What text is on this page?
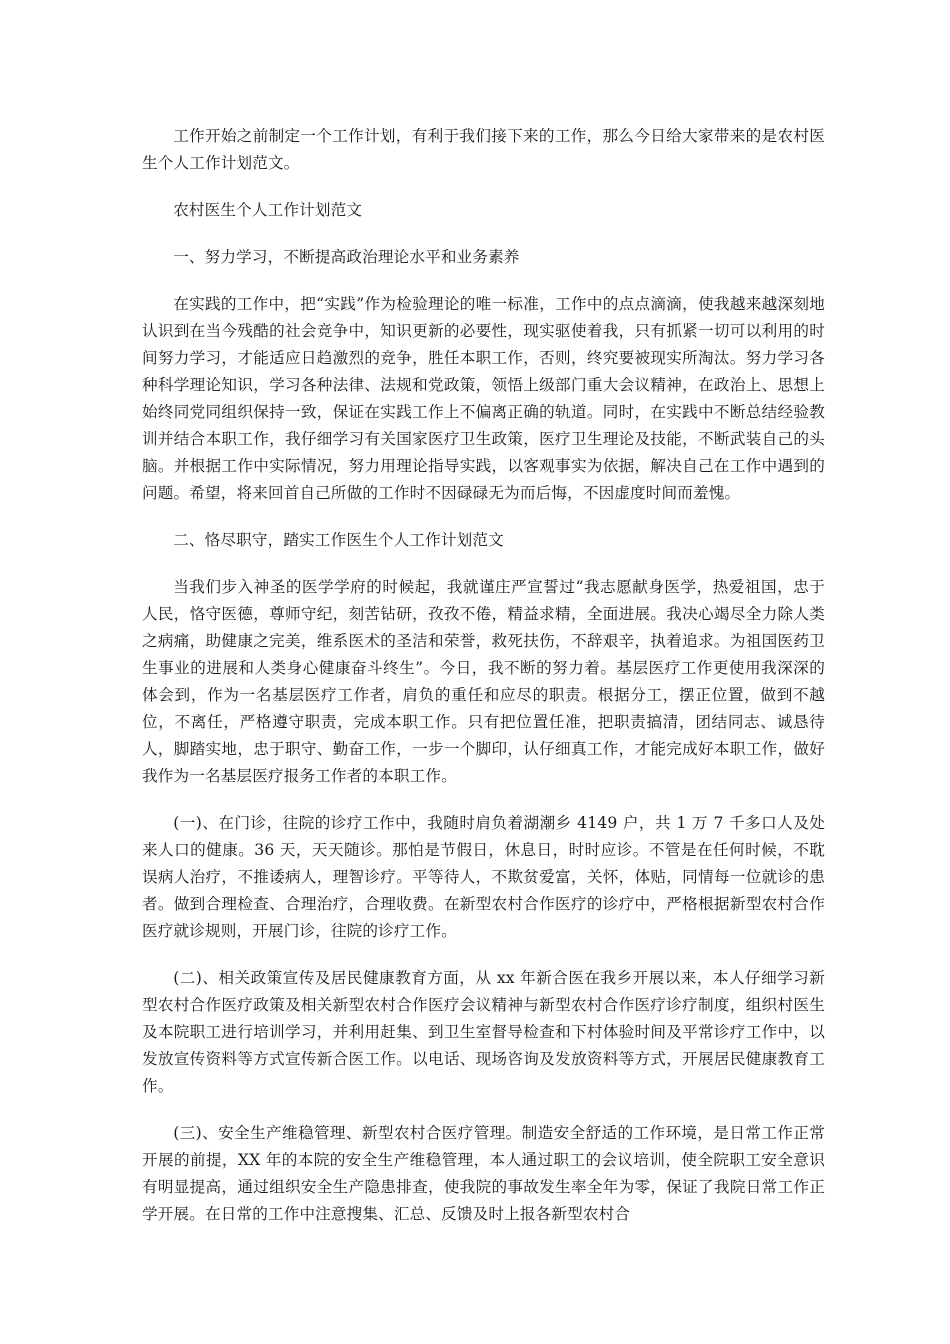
工作开始之前制定一个工作计划，有利于我们接下来的工作，那么今日给大家带来的是农村医生个人工作计划范文。

农村医生个人工作计划范文

一、努力学习，不断提高政治理论水平和业务素养

在实践的工作中，把“实践”作为检验理论的唯一标准，工作中的点点滴滴，使我越来越深刻地认识到在当今残酷的社会竞争中，知识更新的必要性，现实驱使着我，只有抓紧一切可以利用的时间努力学习，才能适应日趋激烈的竞争，胜任本职工作，否则，终究要被现实所淘汰。努力学习各种科学理论知识，学习各种法律、法规和党政策，领悟上级部门重大会议精神，在政治上、思想上始终同党同组织保持一致，保证在实践工作上不偏离正确的轨道。同时，在实践中不断总结经验教训并结合本职工作，我仔细学习有关国家医疗卫生政策，医疗卫生理论及技能，不断武装自己的头脑。并根据工作中实际情况，努力用理论指导实践，以客观事实为依据，解决自己在工作中遇到的问题。希望，将来回首自己所做的工作时不因碌碌无为而后悔，不因虚度时间而羞愧。

二、恪尽职守，踏实工作医生个人工作计划范文

当我们步入神圣的医学学府的时候起，我就谨庄严宣誓过“我志愿献身医学，热爱祖国，忠于人民，恪守医德，尊师守纪，刻苦钻研，孜孜不倦，精益求精，全面进展。我决心竭尽全力除人类之病痛，助健康之完美，维系医术的圣洁和荣誉，救死扶伤，不辞艰辛，执着追求。为祖国医药卫生事业的进展和人类身心健康奋斗终生”。今日，我不断的努力着。基层医疗工作更使用我深深的体会到，作为一名基层医疗工作者，肩负的重任和应尽的职责。根据分工，摆正位置，做到不越位，不离任，严格遵守职责，完成本职工作。只有把位置任准，把职责搞清，团结同志、诚恳待人，脚踏实地，忠于职守、勤奋工作，一步一个脚印，认仔细真工作，才能完成好本职工作，做好我作为一名基层医疗报务工作者的本职工作。

(一)、在门诊，往院的诊疗工作中，我随时肩负着湖潮乡 4149 户，共 1 万 7 千多口人及处来人口的健康。36 天，天天随诊。那怕是节假日，休息日，时时应诊。不管是在任何时候，不耽误病人治疗，不推诿病人，理智诊疗。平等待人，不欺贫爱富，关怀，体贴，同情每一位就诊的患者。做到合理检查、合理治疗，合理收费。在新型农村合作医疗的诊疗中，严格根据新型农村合作医疗就诊规则，开展门诊，往院的诊疗工作。

(二)、相关政策宣传及居民健康教育方面，从 xx 年新合医在我乡开展以来，本人仔细学习新型农村合作医疗政策及相关新型农村合作医疗会议精神与新型农村合作医疗诊疗制度，组织村医生及本院职工进行培训学习，并利用赶集、到卫生室督导检查和下村体验时间及平常诊疗工作中，以发放宣传资料等方式宣传新合医工作。以电话、现场咨询及发放资料等方式，开展居民健康教育工作。

(三)、安全生产维稳管理、新型农村合医疗管理。制造安全舒适的工作环境，是日常工作正常开展的前提，XX 年的本院的安全生产维稳管理，本人通过职工的会议培训，使全院职工安全意识有明显提高，通过组织安全生产隐患排查，使我院的事故发生率全年为零，保证了我院日常工作正学开展。在日常的工作中注意搜集、汇总、反馈及时上报各新型农村合
